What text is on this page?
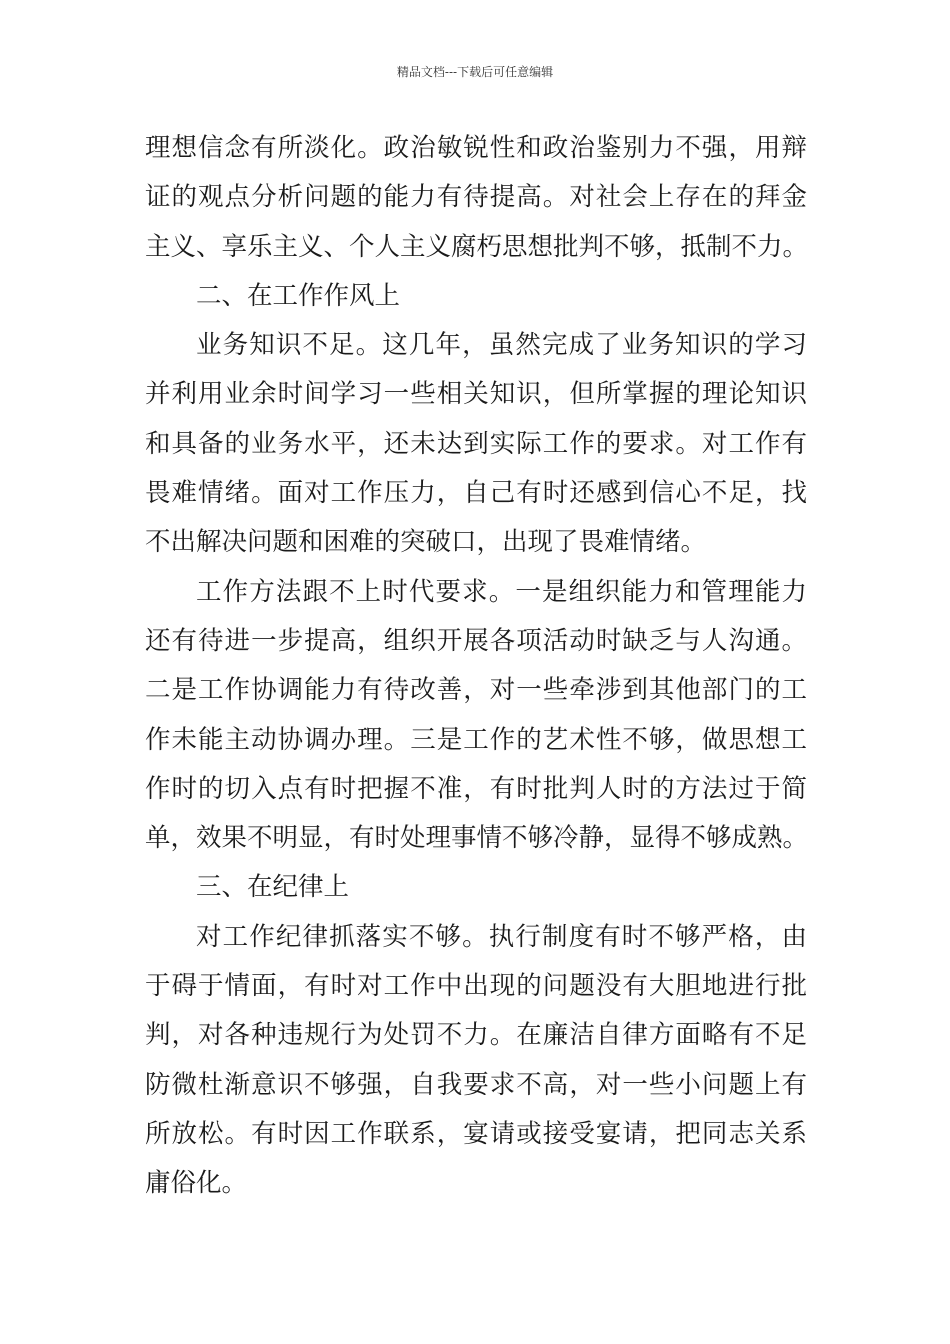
精品文档---下载后可任意编辑
理想信念有所淡化。政治敏锐性和政治鉴别力不强，用辩
证的观点分析问题的能力有待提高。对社会上存在的拜金
主义、享乐主义、个人主义腐朽思想批判不够，抵制不力。
二、在工作作风上
业务知识不足。这几年，虽然完成了业务知识的学习
并利用业余时间学习一些相关知识，但所掌握的理论知识
和具备的业务水平，还未达到实际工作的要求。对工作有
畏难情绪。面对工作压力，自己有时还感到信心不足，找
不出解决问题和困难的突破口，出现了畏难情绪。
工作方法跟不上时代要求。一是组织能力和管理能力
还有待进一步提高，组织开展各项活动时缺乏与人沟通。
二是工作协调能力有待改善，对一些牵涉到其他部门的工
作未能主动协调办理。三是工作的艺术性不够，做思想工
作时的切入点有时把握不准，有时批判人时的方法过于简
单，效果不明显，有时处理事情不够冷静，显得不够成熟。
三、在纪律上
对工作纪律抓落实不够。执行制度有时不够严格，由
于碍于情面，有时对工作中出现的问题没有大胆地进行批
判，对各种违规行为处罚不力。在廉洁自律方面略有不足
防微杜渐意识不够强，自我要求不高，对一些小问题上有
所放松。有时因工作联系，宴请或接受宴请，把同志关系
庸俗化。
